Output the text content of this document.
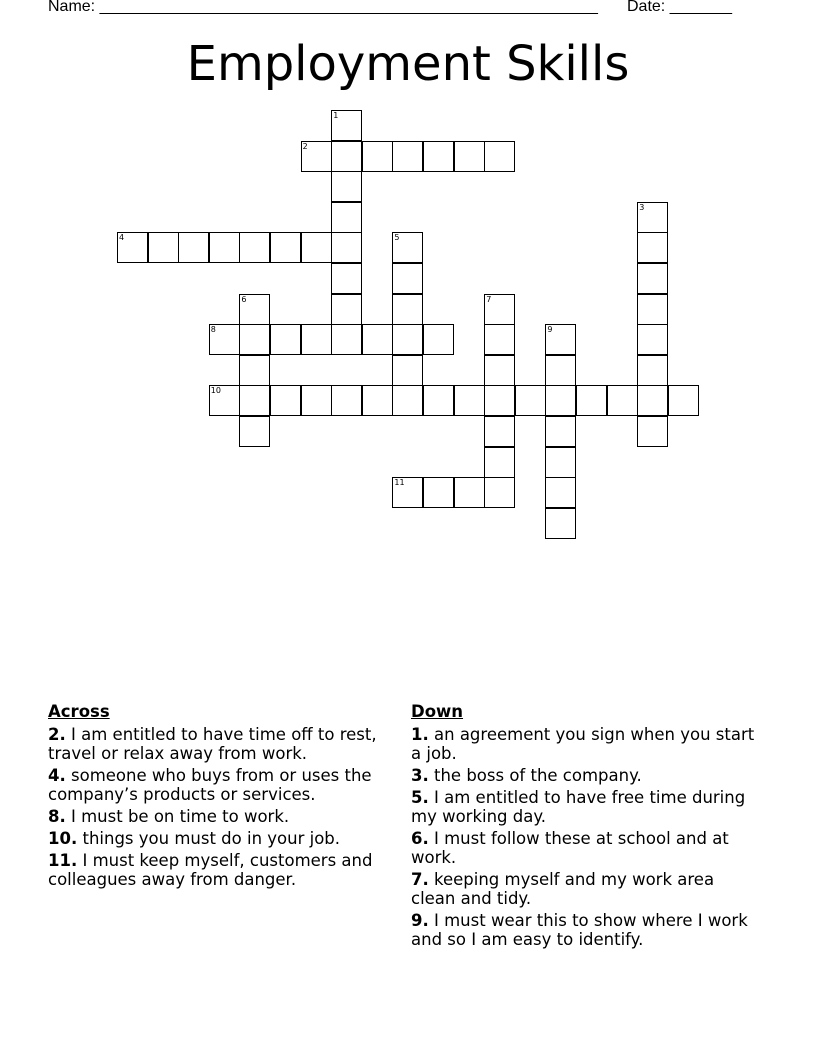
Name: ________________________________________________________ Date: _______
Employment Skills
1
2
3
4	5
6	7
8	9
10
11
Across
2. I am entitled to have time off to rest, travel or relax away from work.
4. someone who buys from or uses the company’s products or services.
8. I must be on time to work.
10. things you must do in your job.
11. I must keep myself, customers and colleagues away from danger.
Down
1. an agreement you sign when you start a job.
3. the boss of the company.
5. I am entitled to have free time during my working day.
6. I must follow these at school and at work.
7. keeping myself and my work area clean and tidy.
9. I must wear this to show where I work and so I am easy to identify.
